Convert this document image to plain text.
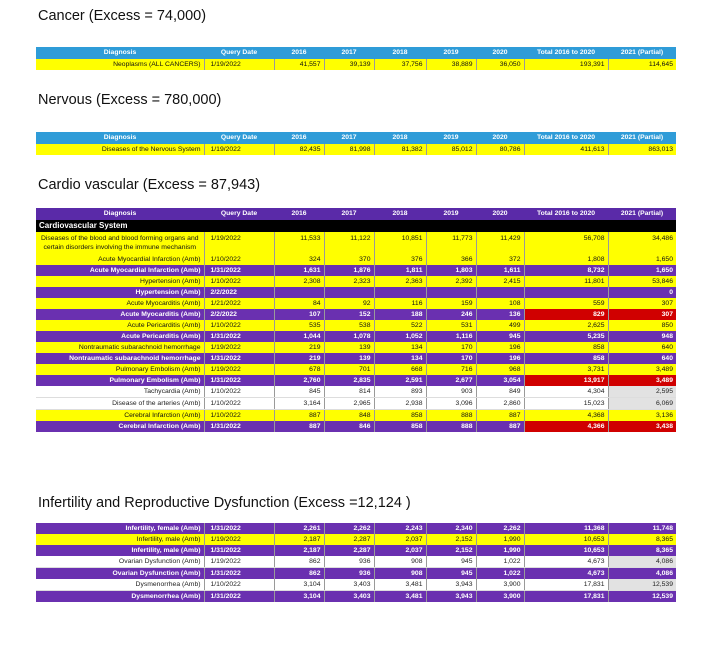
Cancer (Excess = 74,000)
Diagnosis	Query Date	2016	2017	2018	2019	2020	Total 2016 to 2020	2021 (Partial)
Neoplasms (ALL CANCERS)	1/19/2022	41,557	39,139	37,756	38,889	36,050	193,391	114,645
Nervous (Excess = 780,000)
Diagnosis	Query Date	2016	2017	2018	2019	2020	Total 2016 to 2020	2021 (Partial)
Diseases of the Nervous System	1/19/2022	82,435	81,998	81,382	85,012	80,786	411,613	863,013
Cardio vascular (Excess = 87,943)
Diagnosis	Query Date	2016	2017	2018	2019	2020	Total 2016 to 2020	2021 (Partial)
Cardiovascular System								
Diseases of the blood and blood forming organs and certain disorders involving the immune mechanism	1/19/2022	11,533	11,122	10,851	11,773	11,429	56,708	34,486
Acute Myocardial Infarction (Amb)	1/10/2022	324	370	376	366	372	1,808	1,650
Acute Myocardial Infarction (Amb)	1/31/2022	1,631	1,876	1,811	1,803	1,611	8,732	1,650
Hypertension (Amb)	1/10/2022	2,308	2,323	2,363	2,392	2,415	11,801	53,846
Hypertension (Amb)	2/2/2022							0
Acute Myocarditis (Amb)	1/21/2022	84	92	116	159	108	559	307
Acute Myocarditis (Amb)	2/2/2022	107	152	188	246	136	829	307
Acute Pericarditis (Amb)	1/10/2022	535	538	522	531	499	2,625	850
Acute Pericarditis (Amb)	1/31/2022	1,044	1,078	1,052	1,116	945	5,235	948
Nontraumatic subarachnoid hemorrhage	1/19/2022	219	139	134	170	196	858	640
Nontraumatic subarachnoid hemorrhage	1/31/2022	219	139	134	170	196	858	640
Pulmonary Embolism (Amb)	1/19/2022	678	701	668	716	968	3,731	3,489
Pulmonary Embolism (Amb)	1/31/2022	2,760	2,835	2,591	2,677	3,054	13,917	3,489
Tachycardia (Amb)	1/10/2022	845	814	893	903	849	4,304	2,595
Disease of the arteries (Amb)	1/10/2022	3,164	2,965	2,938	3,096	2,860	15,023	6,069
Cerebral Infarction (Amb)	1/10/2022	887	848	858	888	887	4,368	3,136
Cerebral Infarction (Amb)	1/31/2022	887	846	858	888	887	4,366	3,438
Infertility and Reproductive Dysfunction (Excess =12,124 )
Infertility, female (Amb)	1/31/2022	2,261	2,262	2,243	2,340	2,262	11,368	11,748
Infertility, male (Amb)	1/19/2022	2,187	2,287	2,037	2,152	1,990	10,653	8,365
Infertility, male (Amb)	1/31/2022	2,187	2,287	2,037	2,152	1,990	10,653	8,365
Ovarian Dysfunction (Amb)	1/19/2022	862	936	908	945	1,022	4,673	4,086
Ovarian Dysfunction (Amb)	1/31/2022	862	936	908	945	1,022	4,673	4,086
Dysmenorrhea (Amb)	1/10/2022	3,104	3,403	3,481	3,943	3,900	17,831	12,539
Dysmenorrhea (Amb)	1/31/2022	3,104	3,403	3,481	3,943	3,900	17,831	12,539
